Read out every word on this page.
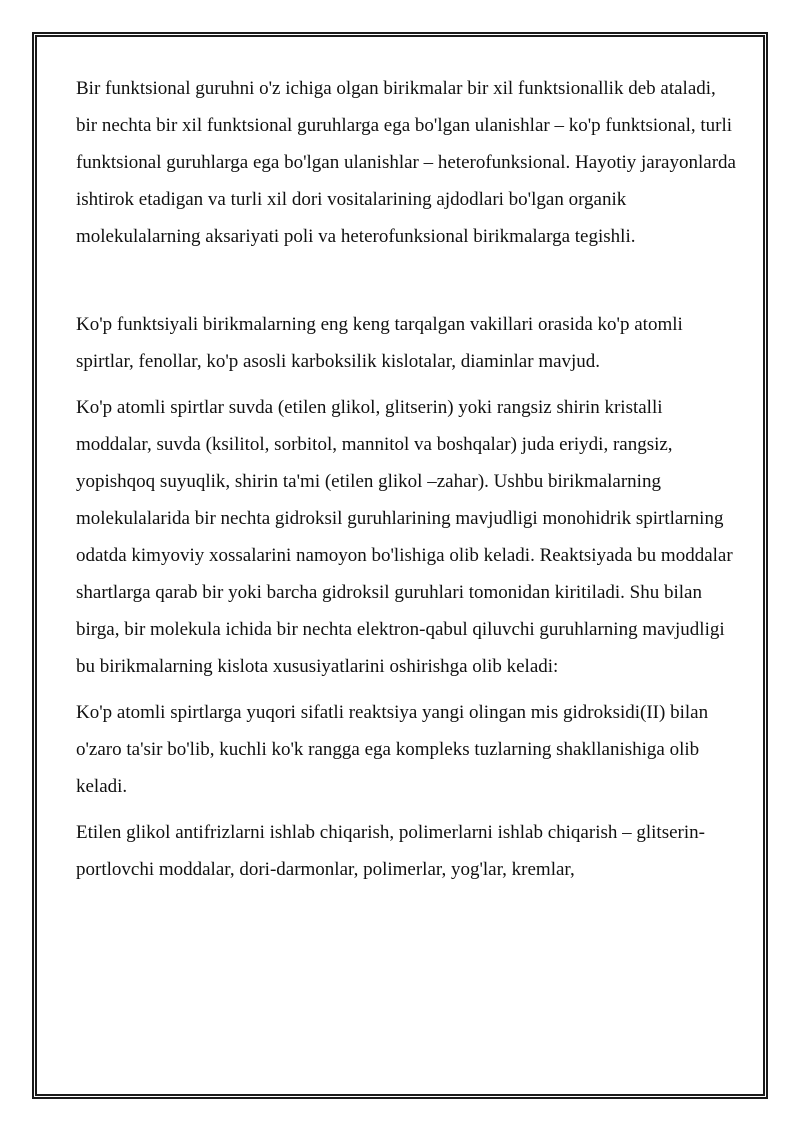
Bir funktsional guruhni o'z ichiga olgan birikmalar bir xil funktsionallik deb ataladi, bir nechta bir xil funktsional guruhlarga ega bo'lgan ulanishlar – ko'p funktsional, turli funktsional guruhlarga ega bo'lgan ulanishlar – heterofunksional. Hayotiy jarayonlarda ishtirok etadigan va turli xil dori vositalarining ajdodlari bo'lgan organik molekulalarning aksariyati poli va heterofunksional birikmalarga tegishli.

Ko'p funktsiyali birikmalarning eng keng tarqalgan vakillari orasida ko'p atomli spirtlar, fenollar, ko'p asosli karboksilik kislotalar, diaminlar mavjud.

Ko'p atomli spirtlar suvda (etilen glikol, glitserin) yoki rangsiz shirin kristalli moddalar, suvda (ksilitol, sorbitol, mannitol va boshqalar) juda eriydi, rangsiz, yopishqoq suyuqlik, shirin ta'mi (etilen glikol –zahar). Ushbu birikmalarning molekulalarida bir nechta gidroksil guruhlarining mavjudligi monohidrik spirtlarning odatda kimyoviy xossalarini namoyon bo'lishiga olib keladi. Reaktsiyada bu moddalar shartlarga qarab bir yoki barcha gidroksil guruhlari tomonidan kiritiladi. Shu bilan birga, bir molekula ichida bir nechta elektron-qabul qiluvchi guruhlarning mavjudligi bu birikmalarning kislota xususiyatlarini oshirishga olib keladi:

Ko'p atomli spirtlarga yuqori sifatli reaktsiya yangi olingan mis gidroksidi(II) bilan o'zaro ta'sir bo'lib, kuchli ko'k rangga ega kompleks tuzlarning shakllanishiga olib keladi.

Etilen glikol antifrizlarni ishlab chiqarish, polimerlarni ishlab chiqarish – glitserin-portlovchi moddalar, dori-darmonlar, polimerlar, yog'lar, kremlar,
